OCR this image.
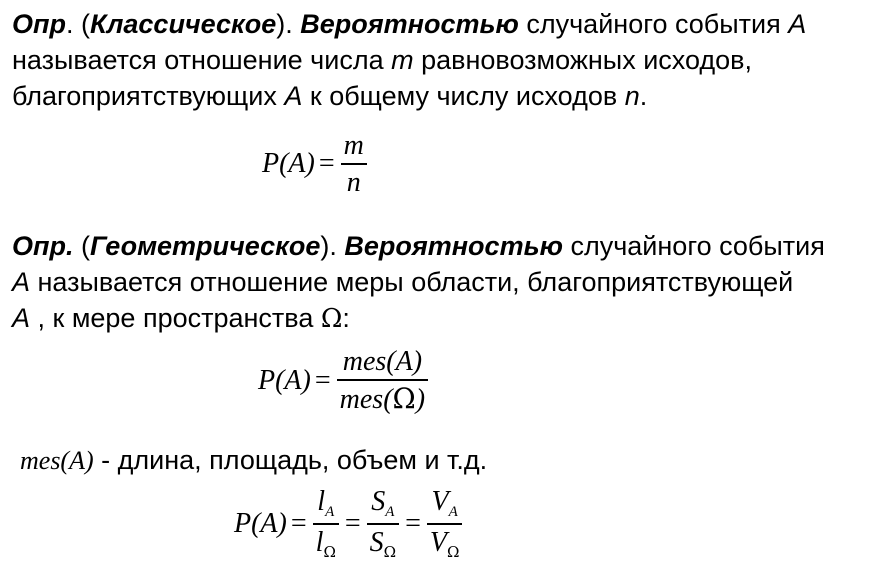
Опр. (Классическое). Вероятностью случайного события А
называется отношение числа m равновозможных исходов,
благоприятствующих А к общему числу исходов n.
$P(A) = \frac{m}{n}$
Опр. (Геометрическое). Вероятностью случайного события
А называется отношение меры области, благоприятствующей
А , к мере пространства Ω:
$P(A) = \frac{\text{mes(A)}}{\text{mes(Ω)}}$
mes(A) - длина, площадь, объем и т.д.
$P(A) = \frac{l_A}{l_\Omega} = \frac{S_A}{S_\Omega} = \frac{V_A}{V_\Omega}$
